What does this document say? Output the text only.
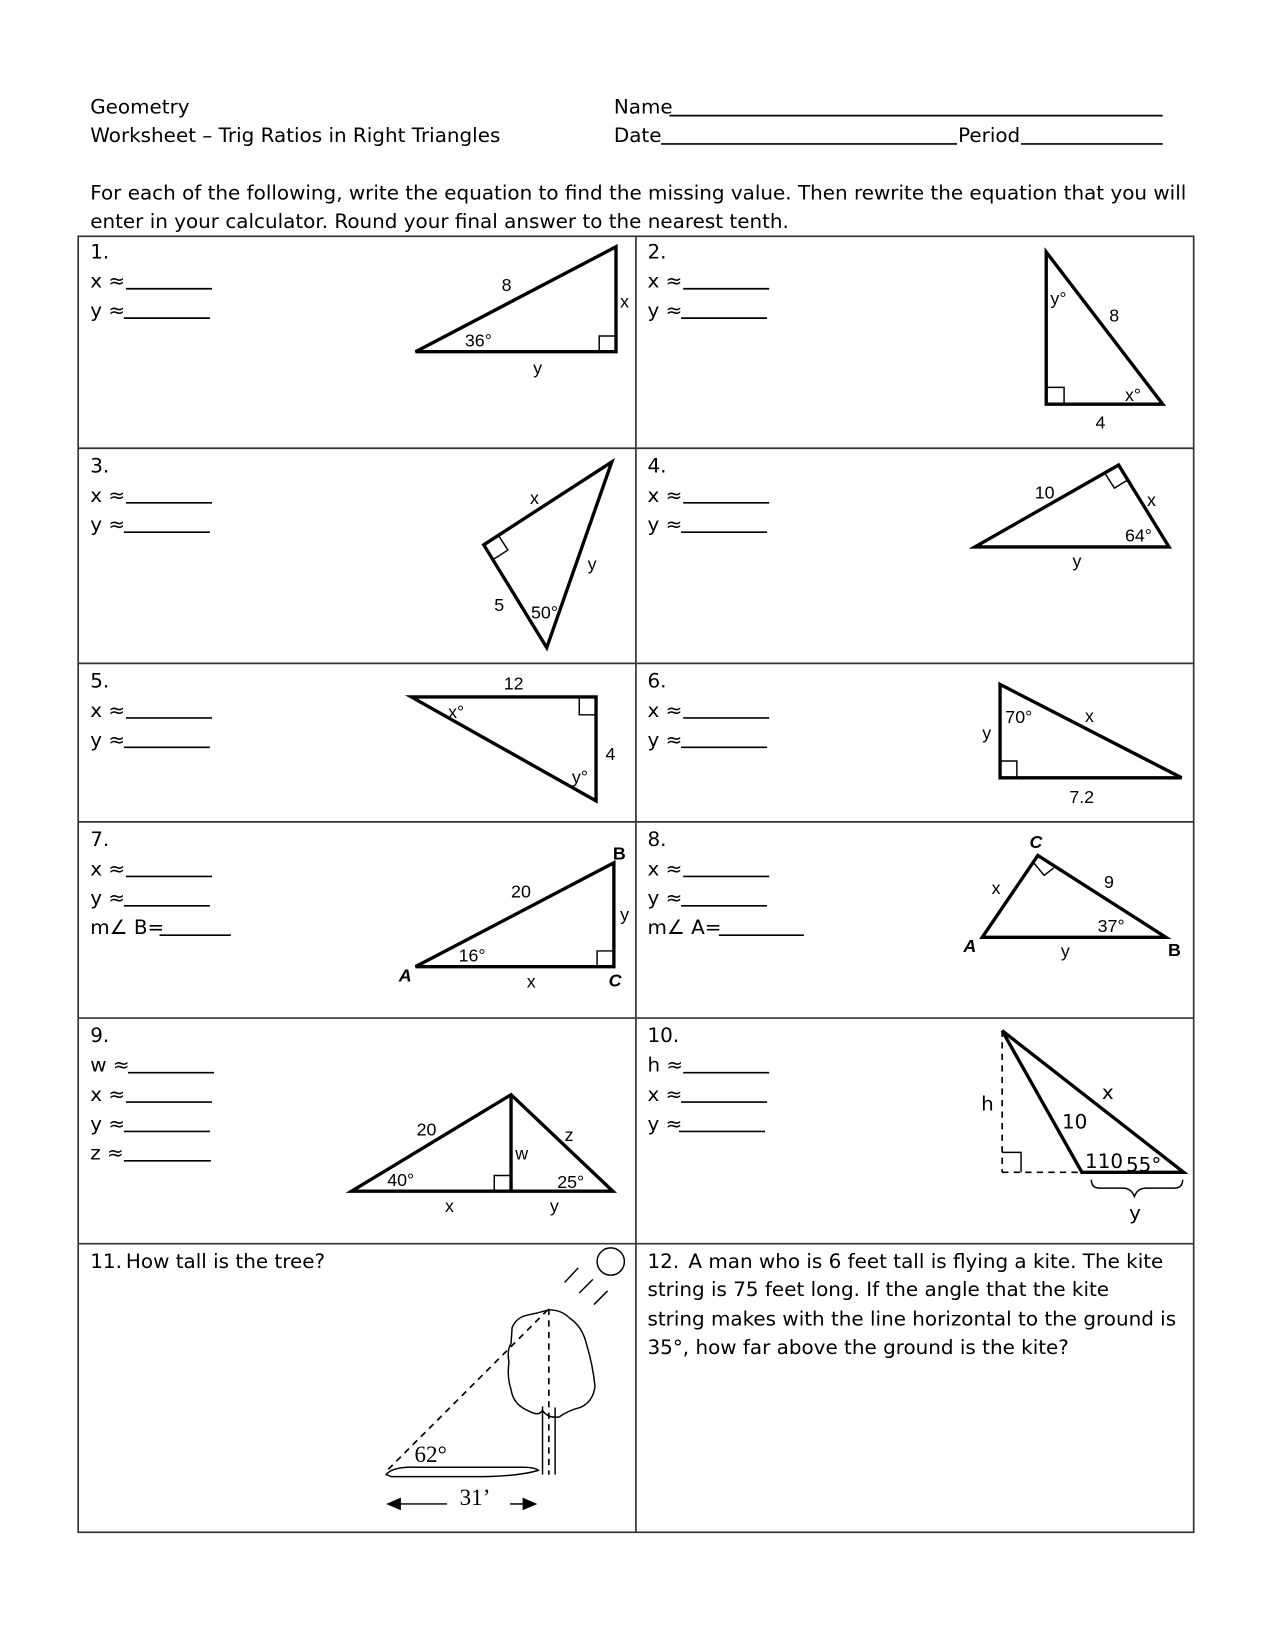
Geometry
Worksheet – Trig Ratios in Right Triangles
Name
Date	Period
For each of the following, write the equation to find the missing value. Then rewrite the equation that you will
enter in your calculator. Round your final answer to the nearest tenth.
1.
x ≈
y ≈
8
36°
x
y
2.
x ≈
y ≈
y°
8
x°
4
3.
x ≈
y ≈
x
y
5 50°
4.
x ≈
y ≈
10	x
64°
y
5.
x ≈
y ≈
12
x°
4
y°
6.
x ≈
y ≈
70°
y
x
7.2
7.
x ≈
y ≈
m∠ B=
20
16°
y
x
A
B
C
8.
x ≈
y ≈
m∠ A=
x	9
37°
y
A	B
C
9.
w ≈
x ≈
y ≈
z ≈
20	z
w
40°	25°
x	y
10.
h ≈
x ≈
y ≈
h
10
x
110 55°
y
11. How tall is the tree?
62°
31’
12. A man who is 6 feet tall is flying a kite. The kite
string is 75 feet long. If the angle that the kite
string makes with the line horizontal to the ground is
35°, how far above the ground is the kite?
